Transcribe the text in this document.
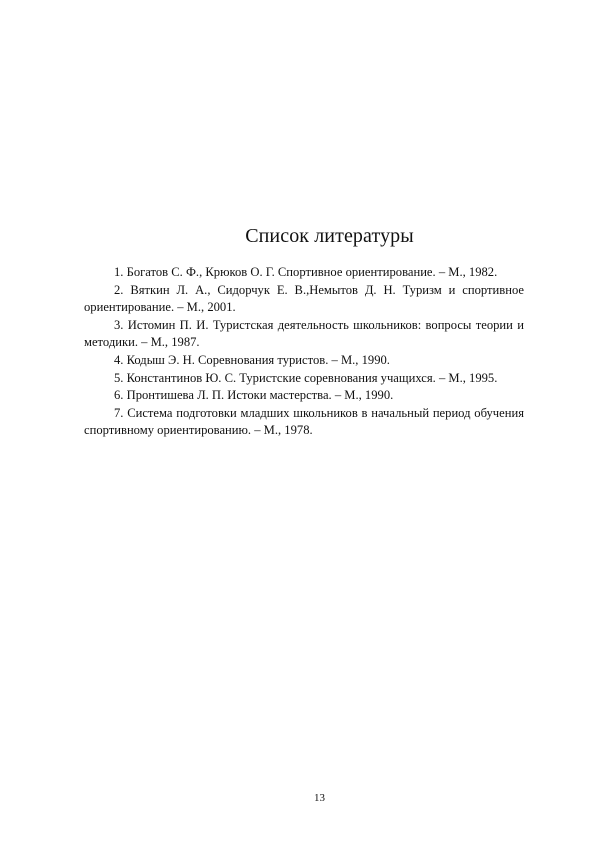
Список литературы

1. Богатов С. Ф., Крюков О. Г. Спортивное ориентирование. – М., 1982.

2. Вяткин Л. А., Сидорчук Е. В.,Немытов Д. Н. Туризм и спортивное ориентирование. – М., 2001.

3. Истомин П. И. Туристская деятельность школьников: вопросы теории и методики. – М., 1987.

4. Кодыш Э. Н. Соревнования туристов. – М., 1990.

5. Константинов Ю. С. Туристские соревнования учащихся. – М., 1995.

6. Пронтишева Л. П. Истоки мастерства. – М., 1990.

7. Система подготовки младших школьников в начальный период обучения спортивному ориентированию. – М., 1978.

13
